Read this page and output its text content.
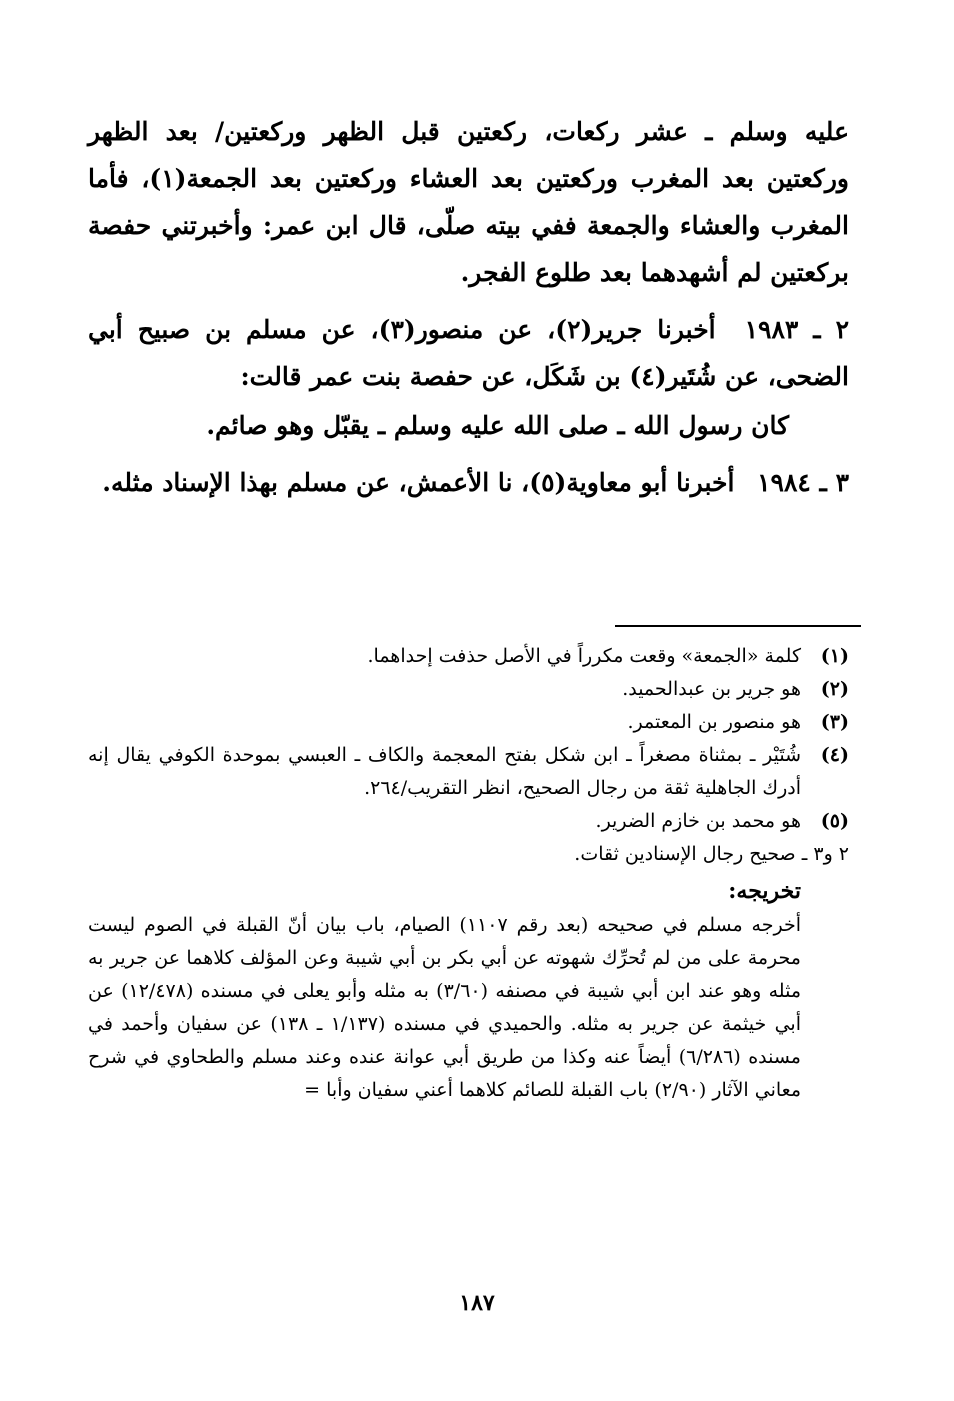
عليه وسلم ـ عشر ركعات، ركعتين قبل الظهر وركعتين/ بعد الظهر وركعتين بعد المغرب وركعتين بعد العشاء وركعتين بعد الجمعة(١)، فأما المغرب والعشاء والجمعة ففي بيته صلّى، قال ابن عمر: وأخبرتني حفصة بركعتين لم أشهدهما بعد طلوع الفجر.

٢ ـ ١٩٨٣ أخبرنا جرير(٢)، عن منصور(٣)، عن مسلم بن صبيح أبي الضحى، عن شُتَير(٤) بن شَكَل، عن حفصة بنت عمر قالت:

كان رسول الله ـ صلى الله عليه وسلم ـ يقبّل وهو صائم.

٣ ـ ١٩٨٤ أخبرنا أبو معاوية(٥)، نا الأعمش، عن مسلم بهذا الإسناد مثله.

(١)
كلمة «الجمعة» وقعت مكرراً في الأصل حذفت إحداهما.
(٢)
هو جرير بن عبدالحميد.
(٣)
هو منصور بن المعتمر.
(٤)
شُتَيْر ـ بمثناة مصغراً ـ ابن شكل بفتح المعجمة والكاف ـ العبسي بموحدة الكوفي يقال إنه أدرك الجاهلية ثقة من رجال الصحيح، انظر التقريب/٢٦٤.
(٥)
هو محمد بن خازم الضرير.
٢ و٣ ـ صحيح رجال الإسنادين ثقات.
تخريجه:
أخرجه مسلم في صحيحه (بعد رقم ١١٠٧) الصيام، باب بيان أنّ القبلة في الصوم ليست محرمة على من لم تُحرِّك شهوته عن أبي بكر بن أبي شيبة وعن المؤلف كلاهما عن جرير به مثله وهو عند ابن أبي شيبة في مصنفه (٣/٦٠) به مثله وأبو يعلى في مسنده (١٢/٤٧٨) عن أبي خيثمة عن جرير به مثله. والحميدي في مسنده (١/١٣٧ ـ ١٣٨) عن سفيان وأحمد في مسنده (٦/٢٨٦) أيضاً عنه وكذا من طريق أبي عوانة عنده وعند مسلم والطحاوي في شرح معاني الآثار (٢/٩٠) باب القبلة للصائم كلاهما أعني سفيان وأبا =
١٨٧
